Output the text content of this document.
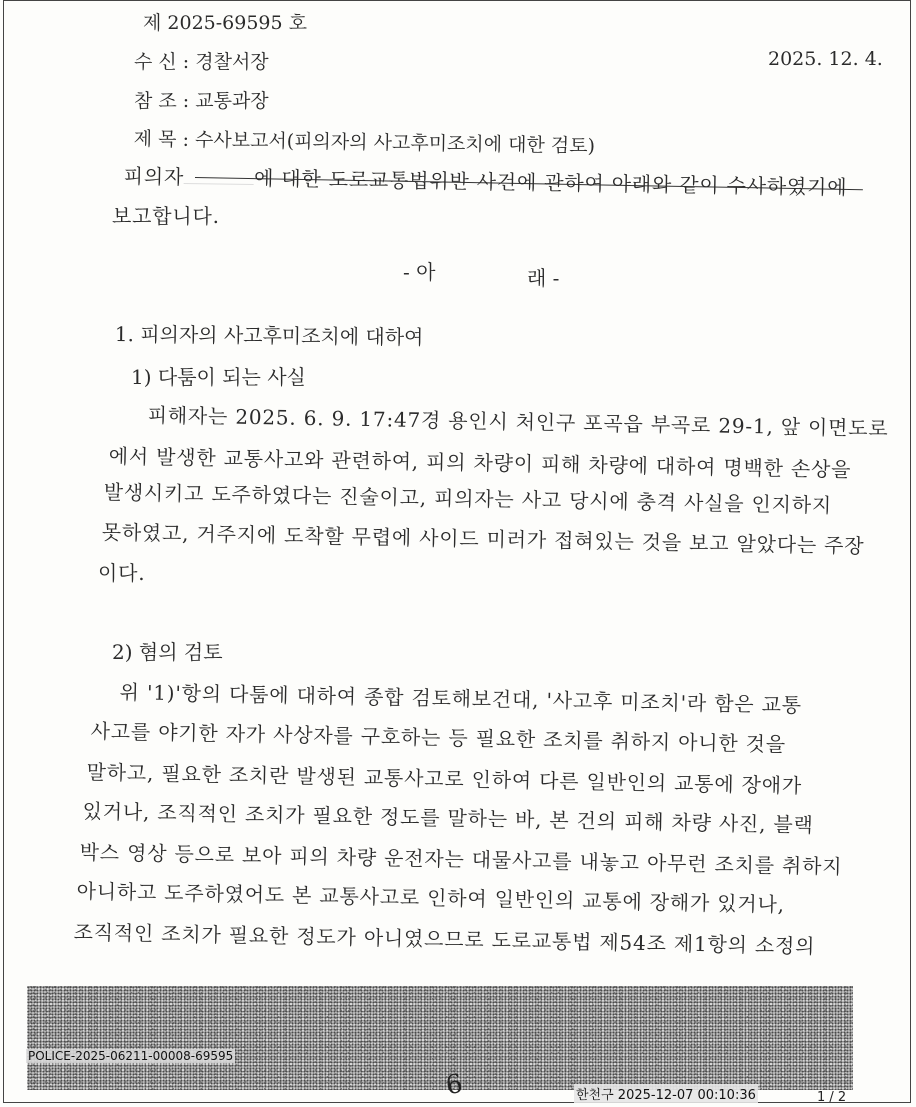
제 2025-69595 호
수 신 : 경찰서장	2025. 12. 4.
참 조 : 교통과장
제 목 : 수사보고서(피의자의 사고후미조치에 대한 검토)
피의자	에 대한 도로교통법위반 사건에 관하여 아래와 같이 수사하였기에
보고합니다.
- 아	래 -
1. 피의자의 사고후미조치에 대하여
1) 다툼이 되는 사실
피해자는 2025. 6. 9. 17:47경 용인시 처인구 포곡읍 부곡로 29-1, 앞 이면도로
에서 발생한 교통사고와 관련하여, 피의 차량이 피해 차량에 대하여 명백한 손상을
발생시키고 도주하였다는 진술이고, 피의자는 사고 당시에 충격 사실을 인지하지
못하였고, 거주지에 도착할 무렵에 사이드 미러가 접혀있는 것을 보고 알았다는 주장
이다.
2) 혐의 검토
위 '1)'항의 다툼에 대하여 종합 검토해보건대, '사고후 미조치'라 함은 교통
사고를 야기한 자가 사상자를 구호하는 등 필요한 조치를 취하지 아니한 것을
말하고, 필요한 조치란 발생된 교통사고로 인하여 다른 일반인의 교통에 장애가
있거나, 조직적인 조치가 필요한 정도를 말하는 바, 본 건의 피해 차량 사진, 블랙
박스 영상 등으로 보아 피의 차량 운전자는 대물사고를 내놓고 아무런 조치를 취하지
아니하고 도주하였어도 본 교통사고로 인하여 일반인의 교통에 장해가 있거나,
조직적인 조치가 필요한 정도가 아니였으므로 도로교통법 제54조 제1항의 소정의
POLICE-2025-06211-00008-69595
6	한천구 2025-12-07 00:10:36	1 / 2
